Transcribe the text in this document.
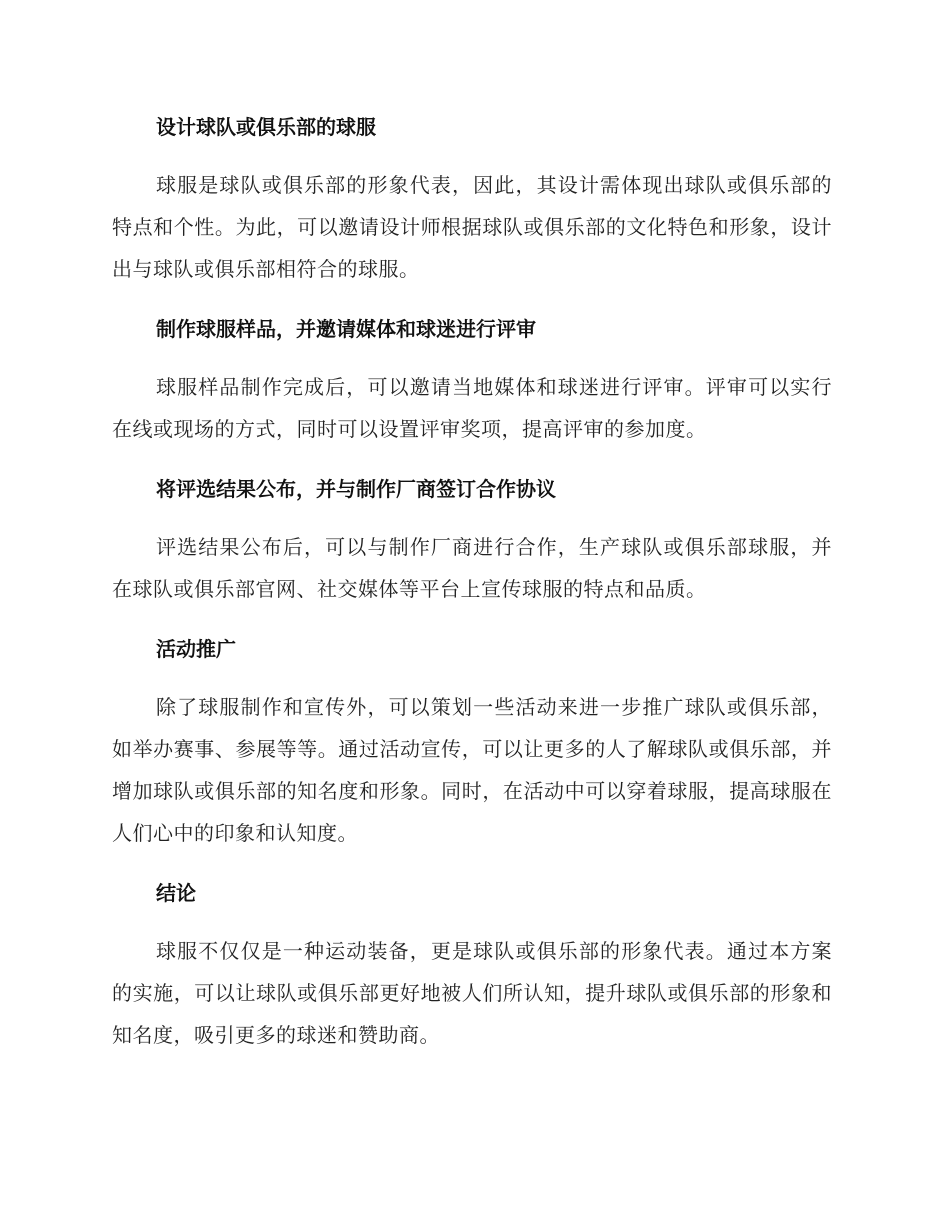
设计球队或俱乐部的球服

球服是球队或俱乐部的形象代表，因此，其设计需体现出球队或俱乐部的特点和个性。为此，可以邀请设计师根据球队或俱乐部的文化特色和形象，设计出与球队或俱乐部相符合的球服。

制作球服样品，并邀请媒体和球迷进行评审

球服样品制作完成后，可以邀请当地媒体和球迷进行评审。评审可以实行在线或现场的方式，同时可以设置评审奖项，提高评审的参加度。

将评选结果公布，并与制作厂商签订合作协议

评选结果公布后，可以与制作厂商进行合作，生产球队或俱乐部球服，并在球队或俱乐部官网、社交媒体等平台上宣传球服的特点和品质。

活动推广

除了球服制作和宣传外，可以策划一些活动来进一步推广球队或俱乐部，如举办赛事、参展等等。通过活动宣传，可以让更多的人了解球队或俱乐部，并增加球队或俱乐部的知名度和形象。同时，在活动中可以穿着球服，提高球服在人们心中的印象和认知度。

结论

球服不仅仅是一种运动装备，更是球队或俱乐部的形象代表。通过本方案的实施，可以让球队或俱乐部更好地被人们所认知，提升球队或俱乐部的形象和知名度，吸引更多的球迷和赞助商。
